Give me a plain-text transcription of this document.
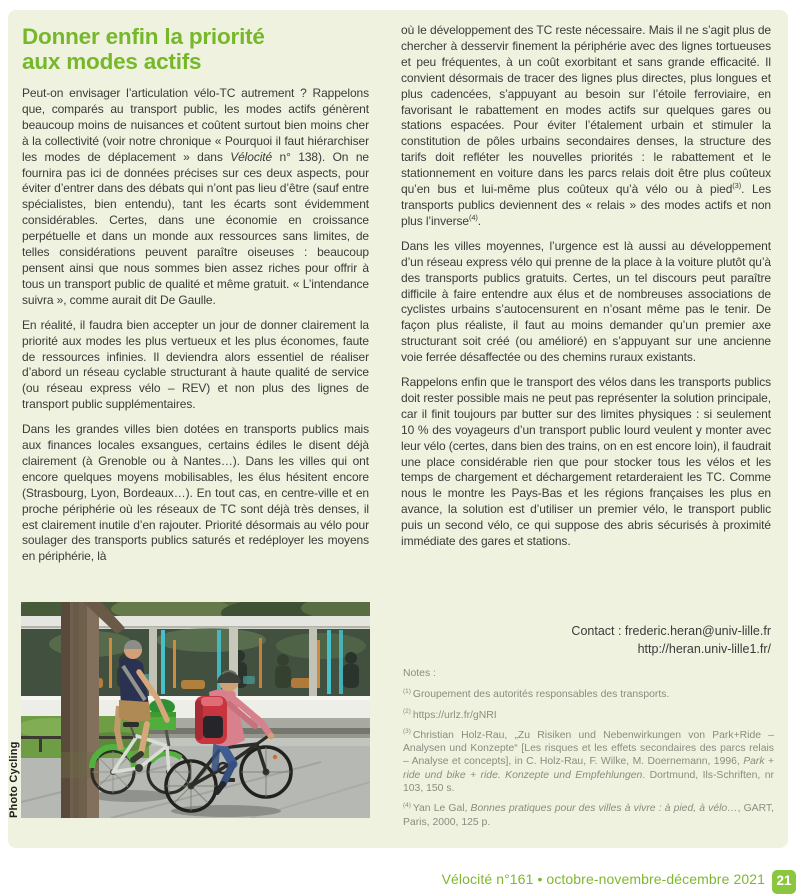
Donner enfin la priorité
aux modes actifs

Peut-on envisager l’articulation vélo-TC autrement ? Rappelons que, comparés au transport public, les modes actifs génèrent beaucoup moins de nuisances et coûtent surtout bien moins cher à la collectivité (voir notre chronique « Pourquoi il faut hiérarchiser les modes de déplacement » dans Vélocité n° 138). On ne fournira pas ici de données précises sur ces deux aspects, pour éviter d’entrer dans des débats qui n’ont pas lieu d’être (sauf entre spécialistes, bien entendu), tant les écarts sont évidemment considérables. Certes, dans une économie en croissance perpétuelle et dans un monde aux ressources sans limites, de telles considérations peuvent paraître oiseuses : beaucoup pensent ainsi que nous sommes bien assez riches pour offrir à tous un transport public de qualité et même gratuit. « L’intendance suivra », comme aurait dit De Gaulle.

En réalité, il faudra bien accepter un jour de donner clairement la priorité aux modes les plus vertueux et les plus économes, faute de ressources infinies. Il deviendra alors essentiel de réaliser d’abord un réseau cyclable structurant à haute qualité de service (ou réseau express vélo – REV) et non plus des lignes de transport public supplémentaires.

Dans les grandes villes bien dotées en transports publics mais aux finances locales exsangues, certains édiles le disent déjà clairement (à Grenoble ou à Nantes…). Dans les villes qui ont encore quelques moyens mobilisables, les élus hésitent encore (Strasbourg, Lyon, Bordeaux…). En tout cas, en centre-ville et en proche périphérie où les réseaux de TC sont déjà très denses, il est clairement inutile d’en rajouter. Priorité désormais au vélo pour soulager des transports publics saturés et redéployer les moyens en périphérie, là

où le développement des TC reste nécessaire. Mais il ne s’agit plus de chercher à desservir finement la périphérie avec des lignes tortueuses et peu fréquentes, à un coût exorbitant et sans grande efficacité. Il convient désormais de tracer des lignes plus directes, plus longues et plus cadencées, s’appuyant au besoin sur l’étoile ferroviaire, en favorisant le rabattement en modes actifs sur quelques gares ou stations espacées. Pour éviter l’étalement urbain et stimuler la constitution de pôles urbains secondaires denses, la structure des tarifs doit refléter les nouvelles priorités : le rabattement et le stationnement en voiture dans les parcs relais doit être plus coûteux qu’en bus et lui-même plus coûteux qu’à vélo ou à pied$^{(3)}$. Les transports publics deviennent des « relais » des modes actifs et non plus l’inverse$^{(4)}$.

Dans les villes moyennes, l’urgence est là aussi au développement d’un réseau express vélo qui prenne de la place à la voiture plutôt qu’à des transports publics gratuits. Certes, un tel discours peut paraître difficile à faire entendre aux élus et de nombreuses associations de cyclistes urbains s’autocensurent en n’osant même pas le tenir. De façon plus réaliste, il faut au moins demander qu’un premier axe structurant soit créé (ou amélioré) en s’appuyant sur une ancienne voie ferrée désaffectée ou des chemins ruraux existants.

Rappelons enfin que le transport des vélos dans les transports publics doit rester possible mais ne peut pas représenter la solution principale, car il finit toujours par butter sur des limites physiques : si seulement 10 % des voyageurs d’un transport public lourd veulent y monter avec leur vélo (certes, dans bien des trains, on en est encore loin), il faudrait une place considérable rien que pour stocker tous les vélos et les temps de chargement et déchargement retarderaient les TC. Comme nous le montre les Pays-Bas et les régions françaises les plus en avance, la solution est d’utiliser un premier vélo, le transport public puis un second vélo, ce qui suppose des abris sécurisés à proximité immédiate des gares et stations.

Photo Cycling
Contact : frederic.heran@univ-lille.fr
http://heran.univ-lille1.fr/
Notes :
$^{(1)}$ Groupement des autorités responsables des transports.
$^{(2)}$ https://urlz.fr/gNRI
$^{(3)}$ Christian Holz-Rau, „Zu Risiken und Nebenwirkungen von Park+Ride – Analysen und Konzepte“ [Les risques et les effets secondaires des parcs relais – Analyse et concepts], in C. Holz-Rau, F. Wilke, M. Doernemann, 1996, Park + ride und bike + ride. Konzepte und Empfehlungen. Dortmund, Ils-Schriften, nr 103, 150 s.
$^{(4)}$ Yan Le Gal, Bonnes pratiques pour des villes à vivre : à pied, à vélo…, GART, Paris, 2000, 125 p.
Vélocité n°161 • octobre-novembre-décembre 2021 21
